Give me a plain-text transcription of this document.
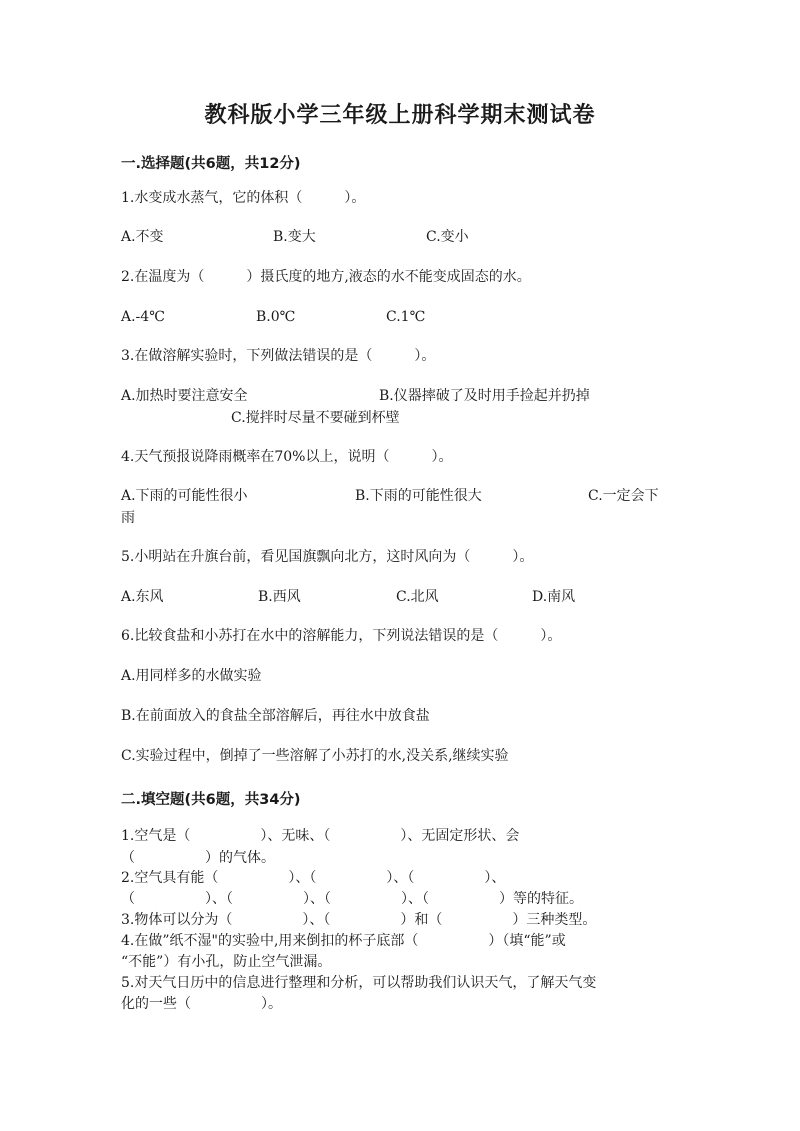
教科版小学三年级上册科学期末测试卷
一.选择题(共6题，共12分)
1.水变成水蒸气，它的体积（　　　）。
A.不变	B.变大	C.变小
2.在温度为（　　　）摄氏度的地方,液态的水不能变成固态的水。
A.-4℃	B.0℃	C.1℃
3.在做溶解实验时，下列做法错误的是（　　　）。
A.加热时要注意安全	B.仪器摔破了及时用手捡起并扔掉
C.搅拌时尽量不要碰到杯壁
4.天气预报说降雨概率在70%以上，说明（　　　）。
A.下雨的可能性很小	B.下雨的可能性很大	C.一定会下
雨
5.小明站在升旗台前，看见国旗飘向北方，这时风向为（　　　）。
A.东风	B.西风	C.北风	D.南风
6.比较食盐和小苏打在水中的溶解能力，下列说法错误的是（　　　）。
A.用同样多的水做实验
B.在前面放入的食盐全部溶解后，再往水中放食盐
C.实验过程中，倒掉了一些溶解了小苏打的水,没关系,继续实验
二.填空题(共6题，共34分)
1.空气是（　　　　　）、无味、（　　　　　）、无固定形状、会
（　　　　　）的气体。
2.空气具有能（　　　　　）、（　　　　　）、（　　　　　）、
（　　　　　）、（　　　　　）、（　　　　　）、（　　　　　）等的特征。
3.物体可以分为（　　　　　）、（　　　　　）和（　　　　　）三种类型。
4.在做”纸不湿"的实验中,用来倒扣的杯子底部（　　　　　）（填“能”或
“不能”）有小孔，防止空气泄漏。
5.对天气日历中的信息进行整理和分析，可以帮助我们认识天气，了解天气变
化的一些（　　　　　）。
